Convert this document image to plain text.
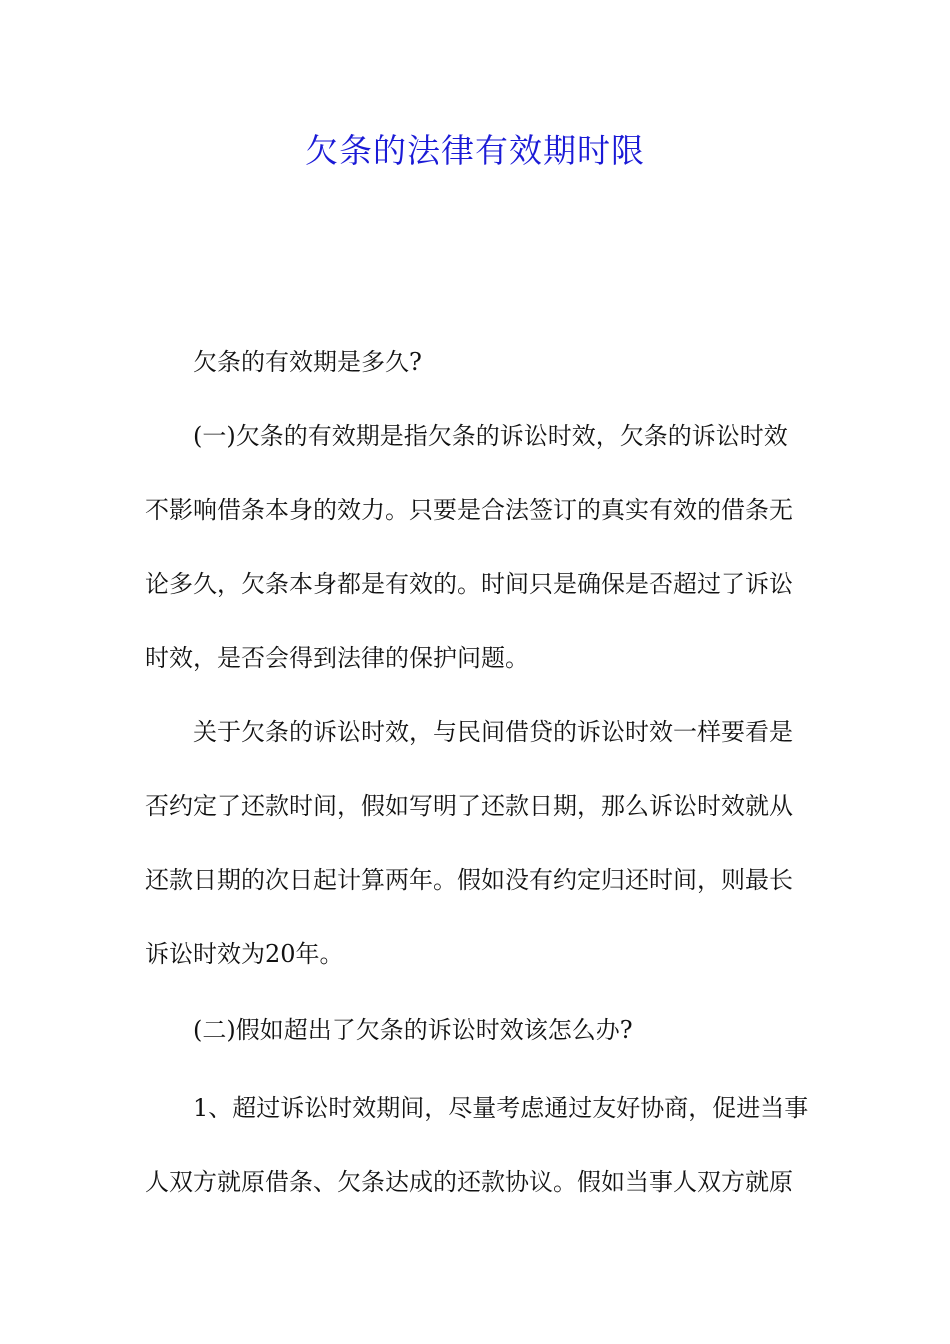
欠条的法律有效期时限
欠条的有效期是多久?
(一)欠条的有效期是指欠条的诉讼时效，欠条的诉讼时效
不影响借条本身的效力。只要是合法签订的真实有效的借条无
论多久，欠条本身都是有效的。时间只是确保是否超过了诉讼
时效，是否会得到法律的保护问题。
关于欠条的诉讼时效，与民间借贷的诉讼时效一样要看是
否约定了还款时间，假如写明了还款日期，那么诉讼时效就从
还款日期的次日起计算两年。假如没有约定归还时间，则最长
诉讼时效为20年。
(二)假如超出了欠条的诉讼时效该怎么办?
1、超过诉讼时效期间，尽量考虑通过友好协商，促进当事
人双方就原借条、欠条达成的还款协议。假如当事人双方就原
